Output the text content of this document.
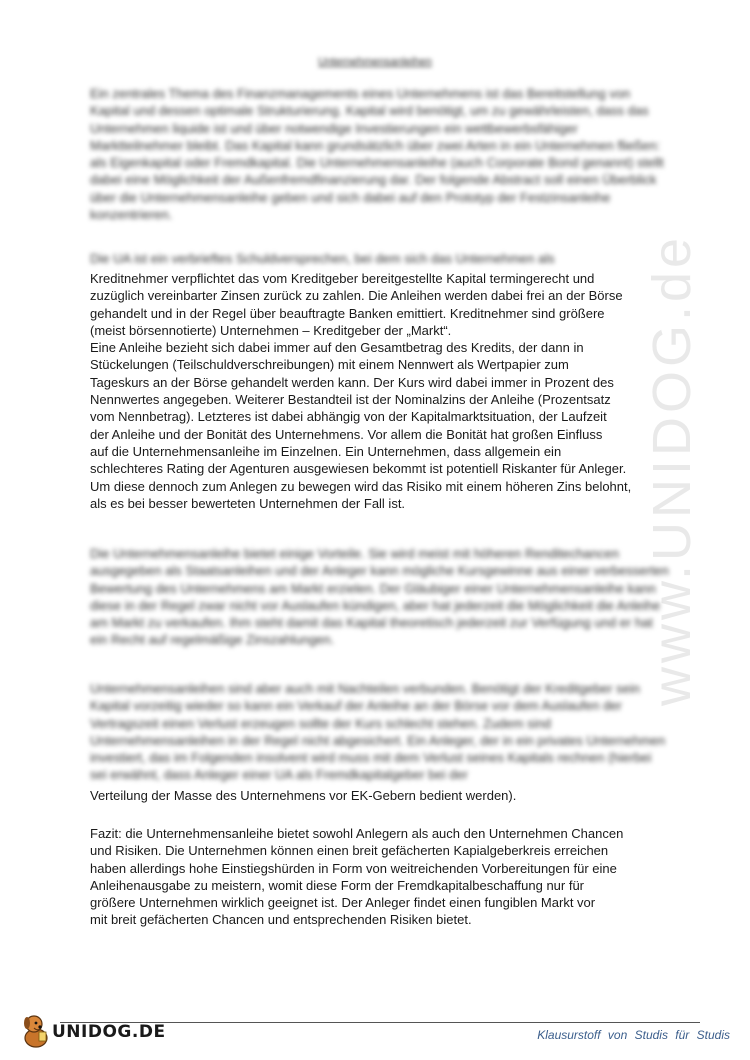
www.UNIDOG.de
Unternehmensanleihen

Ein zentrales Thema des Finanzmanagements eines Unternehmens ist das Bereitstellung von Kapital und dessen optimale Strukturierung. Kapital wird benötigt, um zu gewährleisten, dass das Unternehmen liquide ist und über notwendige Investierungen ein wettbewerbsfähiger Marktteilnehmer bleibt. Das Kapital kann grundsätzlich über zwei Arten in ein Unternehmen fließen: als Eigenkapital oder Fremdkapital. Die Unternehmensanleihe (auch Corporate Bond genannt) stellt dabei eine Möglichkeit der Außenfremdfinanzierung dar. Der folgende Abstract soll einen Überblick über die Unternehmensanleihe geben und sich dabei auf den Prototyp der Festzinsanleihe konzentrieren.

Die UA ist ein verbrieftes Schuldversprechen, bei dem sich das Unternehmen als

Kreditnehmer verpflichtet das vom Kreditgeber bereitgestellte Kapital termingerecht und

zuzüglich vereinbarter Zinsen zurück zu zahlen. Die Anleihen werden dabei frei an der Börse

gehandelt und in der Regel über beauftragte Banken emittiert. Kreditnehmer sind größere

(meist börsennotierte) Unternehmen – Kreditgeber der „Markt“.

Eine Anleihe bezieht sich dabei immer auf den Gesamtbetrag des Kredits, der dann in

Stückelungen (Teilschuldverschreibungen) mit einem Nennwert als Wertpapier zum

Tageskurs an der Börse gehandelt werden kann. Der Kurs wird dabei immer in Prozent des

Nennwertes angegeben. Weiterer Bestandteil ist der Nominalzins der Anleihe (Prozentsatz

vom Nennbetrag). Letzteres ist dabei abhängig von der Kapitalmarktsituation, der Laufzeit

der Anleihe und der Bonität des Unternehmens. Vor allem die Bonität hat großen Einfluss

auf die Unternehmensanleihe im Einzelnen. Ein Unternehmen, dass allgemein ein

schlechteres Rating der Agenturen ausgewiesen bekommt ist potentiell Riskanter für Anleger.

Um diese dennoch zum Anlegen zu bewegen wird das Risiko mit einem höheren Zins belohnt,

als es bei besser bewerteten Unternehmen der Fall ist.

Die Unternehmensanleihe bietet einige Vorteile. Sie wird meist mit höheren Renditechancen ausgegeben als Staatsanleihen und der Anleger kann mögliche Kursgewinne aus einer verbesserten Bewertung des Unternehmens am Markt erzielen. Der Gläubiger einer Unternehmensanleihe kann diese in der Regel zwar nicht vor Auslaufen kündigen, aber hat jederzeit die Möglichkeit die Anleihe am Markt zu verkaufen. Ihm steht damit das Kapital theoretisch jederzeit zur Verfügung und er hat ein Recht auf regelmäßige Zinszahlungen.

Unternehmensanleihen sind aber auch mit Nachteilen verbunden. Benötigt der Kreditgeber sein Kapital vorzeitig wieder so kann ein Verkauf der Anleihe an der Börse vor dem Auslaufen der Vertragszeit einen Verlust erzeugen sollte der Kurs schlecht stehen. Zudem sind Unternehmensanleihen in der Regel nicht abgesichert. Ein Anleger, der in ein privates Unternehmen investiert, das im Folgenden insolvent wird muss mit dem Verlust seines Kapitals rechnen (hierbei sei erwähnt, dass Anleger einer UA als Fremdkapitalgeber bei der

Verteilung der Masse des Unternehmens vor EK-Gebern bedient werden).

Fazit: die Unternehmensanleihe bietet sowohl Anlegern als auch den Unternehmen Chancen

und Risiken. Die Unternehmen können einen breit gefächerten Kapialgeberkreis erreichen

haben allerdings hohe Einstiegshürden in Form von weitreichenden Vorbereitungen für eine

Anleihenausgabe zu meistern, womit diese Form der Fremdkapitalbeschaffung nur für

größere Unternehmen wirklich geeignet ist. Der Anleger findet einen fungiblen Markt vor

mit breit gefächerten Chancen und entsprechenden Risiken bietet.

UNIDOG.DE	Klausurstoff von Studis für Studis
